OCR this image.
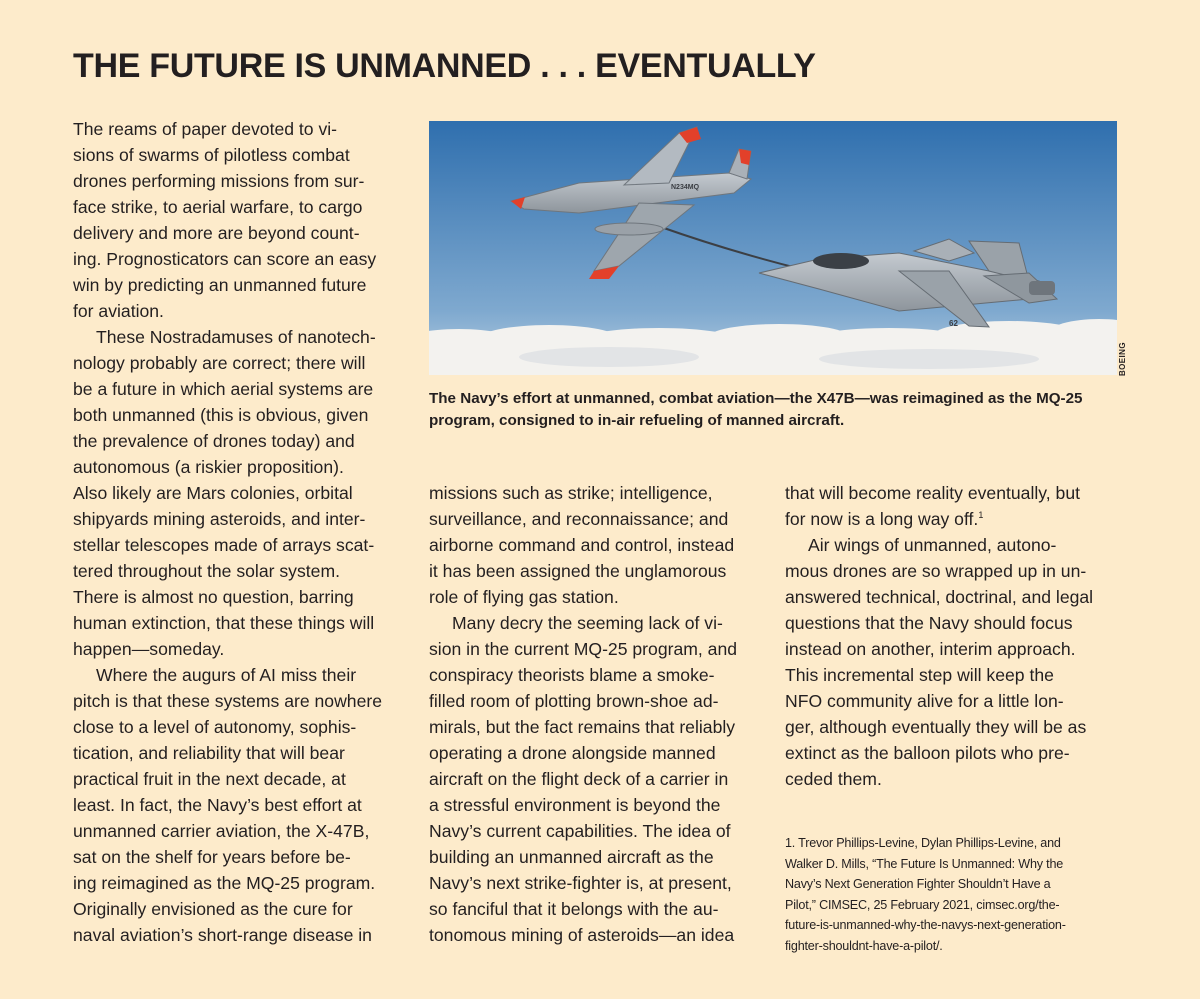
THE FUTURE IS UNMANNED . . . EVENTUALLY
The reams of paper devoted to vi-
sions of swarms of pilotless combat
drones performing missions from sur-
face strike, to aerial warfare, to cargo
delivery and more are beyond count-
ing. Prognosticators can score an easy
win by predicting an unmanned future
for aviation.
These Nostradamuses of nanotech-
nology probably are correct; there will
be a future in which aerial systems are
both unmanned (this is obvious, given
the prevalence of drones today) and
autonomous (a riskier proposition).
Also likely are Mars colonies, orbital
shipyards mining asteroids, and inter-
stellar telescopes made of arrays scat-
tered throughout the solar system.
There is almost no question, barring
human extinction, that these things will
happen—someday.
Where the augurs of AI miss their
pitch is that these systems are nowhere
close to a level of autonomy, sophis-
tication, and reliability that will bear
practical fruit in the next decade, at
least. In fact, the Navy’s best effort at
unmanned carrier aviation, the X-47B,
sat on the shelf for years before be-
ing reimagined as the MQ-25 program.
Originally envisioned as the cure for
naval aviation’s short-range disease in
N234MQ
62
BOEING
The Navy’s effort at unmanned, combat aviation—the X47B—was reimagined as the MQ-25
program, consigned to in-air refueling of manned aircraft.
missions such as strike; intelligence,
surveillance, and reconnaissance; and
airborne command and control, instead
it has been assigned the unglamorous
role of flying gas station.
Many decry the seeming lack of vi-
sion in the current MQ-25 program, and
conspiracy theorists blame a smoke-
filled room of plotting brown-shoe ad-
mirals, but the fact remains that reliably
operating a drone alongside manned
aircraft on the flight deck of a carrier in
a stressful environment is beyond the
Navy’s current capabilities. The idea of
building an unmanned aircraft as the
Navy’s next strike-fighter is, at present,
so fanciful that it belongs with the au-
tonomous mining of asteroids—an idea
that will become reality eventually, but
for now is a long way off.$^1$
Air wings of unmanned, autono-
mous drones are so wrapped up in un-
answered technical, doctrinal, and legal
questions that the Navy should focus
instead on another, interim approach.
This incremental step will keep the
NFO community alive for a little lon-
ger, although eventually they will be as
extinct as the balloon pilots who pre-
ceded them.
1. Trevor Phillips-Levine, Dylan Phillips-Levine, and
Walker D. Mills, “The Future Is Unmanned: Why the
Navy’s Next Generation Fighter Shouldn’t Have a
Pilot,” CIMSEC, 25 February 2021, cimsec.org/the-
future-is-unmanned-why-the-navys-next-generation-
fighter-shouldnt-have-a-pilot/.
